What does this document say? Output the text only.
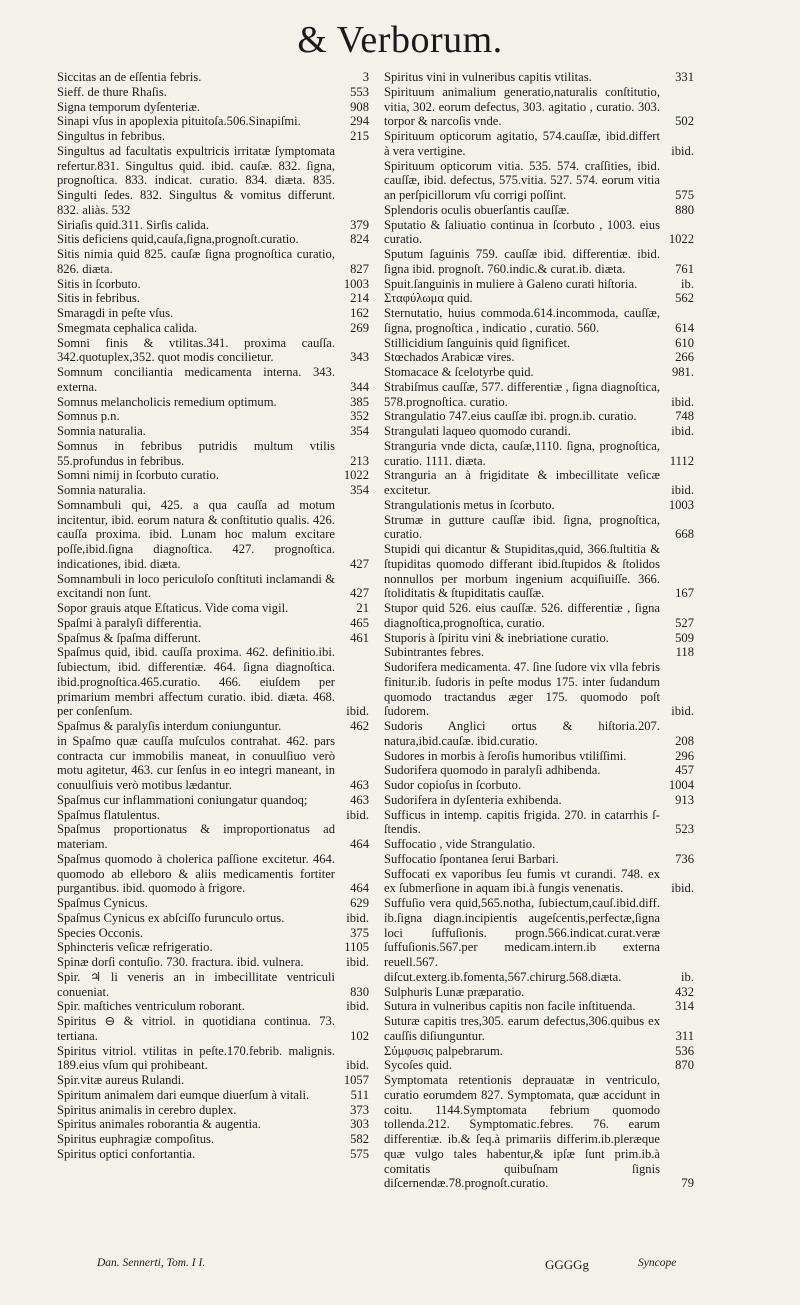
& Verborum.
Siccitas an de eſſentia febris.	3
Sieff. de thure Rhaſis.	553
Signa temporum dyſenteriæ.	908
Sinapi vſus in apoplexia pituitoſa.506.Sinapiſmi.	294
Singultus in febribus.	215
Singultus ad facultatis expultricis irritatæ ſymptomata refertur.831. Singultus quid. ibid. cauſæ. 832. ſigna, prognoſtica. 833. indicat. curatio. 834. diæta. 835. Singulti ſedes. 832. Singultus & vomitus differunt. 832. aliàs. 532
Siriaſis quid.311. Sirſis calida.	379
Sitis deficiens quid,cauſa,ſigna,prognoſt.curatio.	824
Sitis nimia quid 825. cauſæ ſigna prognoſtica curatio, 826. diæta.	827
Sitis in ſcorbuto.	1003
Sitis in febribus.	214
Smaragdi in peſte vſus.	162
Smegmata cephalica calida.	269
Somni finis & vtilitas.341. proxima cauſſa. 342.quotuplex,352. quot modis concilietur.	343
Somnum conciliantia medicamenta interna. 343. externa.	344
Somnus melancholicis remedium optimum.	385
Somnus p.n.	352
Somnia naturalia.	354
Somnus in febribus putridis multum vtilis 55.profundus in febribus.	213
Somni nimij in ſcorbuto curatio.	1022
Somnia naturalia.	354
Somnambuli qui, 425. a qua cauſſa ad motum incitentur, ibid. eorum natura & conſtitutio qualis. 426. cauſſa proxima. ibid. Lunam hoc malum excitare poſſe,ibid.ſigna diagnoſtica. 427. prognoſtica. indicationes, ibid. diæta.	427
Somnambuli in loco periculoſo conſtituti inclamandi & excitandi non ſunt.	427
Sopor grauis atque Eſtaticus. Vide coma vigil.	21
Spaſmi à paralyſi differentia.	465
Spaſmus & ſpaſma differunt.	461
Spaſmus quid, ibid. cauſſa proxima. 462. definitio.ibi. ſubiectum, ibid. differentiæ. 464. ſigna diagnoſtica. ibid.prognoſtica.465.curatio. 466. eiuſdem per primarium membri affectum curatio. ibid. diæta. 468. per conſenſum.	ibid.
Spaſmus & paralyſis interdum coniunguntur.	462
in Spaſmo quæ cauſſa muſculos contrahat. 462. pars contracta cur immobilis maneat, in conuulſiuo verò motu agitetur, 463. cur ſenſus in eo integri maneant, in conuulſiuis verò motibus lædantur.	463
Spaſmus cur inflammationi coniungatur quandoq;	463
Spaſmus flatulentus.	ibid.
Spaſmus proportionatus & improportionatus ad materiam.	464
Spaſmus quomodo à cholerica paſſione excitetur. 464. quomodo ab elleboro & aliis medicamentis fortiter purgantibus. ibid. quomodo à frigore.	464
Spaſmus Cynicus.	629
Spaſmus Cynicus ex abſciſſo furunculo ortus.	ibid.
Species Occonis.	375
Sphincteris veſicæ refrigeratio.	1105
Spinæ dorſi contuſio. 730. fractura. ibid. vulnera.	ibid.
Spir. ♃ li veneris an in imbecillitate ventriculi conueniat.	830
Spir. maſtiches ventriculum roborant.	ibid.
Spiritus ⊖ & vitriol. in quotidiana continua. 73. tertiana.	102
Spiritus vitriol. vtilitas in peſte.170.febrib. malignis. 189.eius vſum qui prohibeant.	ibid.
Spir.vitæ aureus Rulandi.	1057
Spiritum animalem dari eumque diuerſum à vitali.	511
Spiritus animalis in cerebro duplex.	373
Spiritus animales roborantia & augentia.	303
Spiritus euphragiæ compoſitus.	582
Spiritus optici confortantia.	575
Spiritus vini in vulneribus capitis vtilitas.	331
Spirituum animalium generatio,naturalis conſtitutio, vitia, 302. eorum defectus, 303. agitatio , curatio. 303. torpor & narcoſis vnde.	502
Spirituum opticorum agitatio, 574.cauſſæ, ibid.differt à vera vertigine.	ibid.
Spirituum opticorum vitia. 535. 574. craſſities, ibid. cauſſæ, ibid. defectus, 575.vitia. 527. 574. eorum vitia an perſpicillorum vſu corrigi poſſint.	575
Splendoris oculis obuerſantis cauſſæ.	880
Sputatio & ſaliuatio continua in ſcorbuto , 1003. eius curatio.	1022
Sputum ſaguinis 759. cauſſæ ibid. differentiæ. ibid. ſigna ibid. prognoſt. 760.indic.& curat.ib. diæta.	761
Spuit.ſanguinis in muliere à Galeno curati hiſtoria.	ib.
Σταφύλωμα quid.	562
Sternutatio, huius commoda.614.incommoda, cauſſæ, ſigna, prognoſtica , indicatio , curatio. 560.	614
Stillicidium ſanguinis quid ſignificet.	610
Stœchados Arabicæ vires.	266
Stomacace & ſcelotyrbe quid.	981.
Strabiſmus cauſſæ, 577. differentiæ , ſigna diagnoſtica, 578.prognoſtica. curatio.	ibid.
Strangulatio 747.eius cauſſæ ibi. progn.ib. curatio.	748
Strangulati laqueo quomodo curandi.	ibid.
Stranguria vnde dicta, cauſæ,1110. ſigna, prognoſtica, curatio. 1111. diæta.	1112
Stranguria an à frigiditate & imbecillitate veſicæ excitetur.	ibid.
Strangulationis metus in ſcorbuto.	1003
Strumæ in gutture cauſſæ ibid. ſigna, prognoſtica, curatio.	668
Stupidi qui dicantur & Stupiditas,quid, 366.ſtultitia & ſtupiditas quomodo differant ibid.ſtupidos & ſtolidos nonnullos per morbum ingenium acquiſiuiſſe. 366. ſtoliditatis & ſtupiditatis cauſſæ.	167
Stupor quid 526. eius cauſſæ. 526. differentiæ , ſigna diagnoſtica,prognoſtica, curatio.	527
Stuporis à ſpiritu vini & inebriatione curatio.	509
Subintrantes febres.	118
Sudorifera medicamenta. 47. ſine ſudore vix vlla febris finitur.ib. ſudoris in peſte modus 175. inter ſudandum quomodo tractandus æger 175. quomodo poſt ſudorem.	ibid.
Sudoris Anglici ortus & hiſtoria.207. natura,ibid.cauſæ. ibid.curatio.	208
Sudores in morbis à ſeroſis humoribus vtiliſſimi.	296
Sudorifera quomodo in paralyſi adhibenda.	457
Sudor copioſus in ſcorbuto.	1004
Sudorifera in dyſenteria exhibenda.	913
Sufficus in intemp. capitis frigida. 270. in catarrhis ſ- ſtendis.	523
Suffocatio , vide Strangulatio.
Suffocatio ſpontanea ſerui Barbari.	736
Suffocati ex vaporibus ſeu fumis vt curandi. 748. ex ex ſubmerſione in aquam ibi.à fungis venenatis.	ibid.
Suffuſio vera quid,565.notha, ſubiectum,cauſ.ibid.diff. ib.ſigna diagn.incipientis augeſcentis,perfectæ,ſigna loci ſuffuſionis. progn.566.indicat.curat.veræ ſuffuſionis.567.per medicam.intern.ib externa reuell.567. diſcut.exterg.ib.fomenta,567.chirurg.568.diæta.	ib.
Sulphuris Lunæ præparatio.	432
Sutura in vulneribus capitis non facile inſtituenda.	314
Suturæ capitis tres,305. earum defectus,306.quibus ex cauſſis diſiunguntur.	311
Σύμφυσις palpebrarum.	536
Sycoſes quid.	870
Symptomata retentionis deprauatæ in ventriculo, curatio eorumdem 827. Symptomata, quæ accidunt in coitu. 1144.Symptomata febrium quomodo tollenda.212. Symptomatic.febres. 76. earum differentiæ. ib.& ſeq.à primariis differim.ib.pleræque quæ vulgo tales habentur,& ipſæ ſunt prim.ib.à comitatis quibuſnam ſignis diſcernendæ.78.prognoſt.curatio.	79
Dan. Sennerti, Tom. I I.	GGGGg	Syncope
